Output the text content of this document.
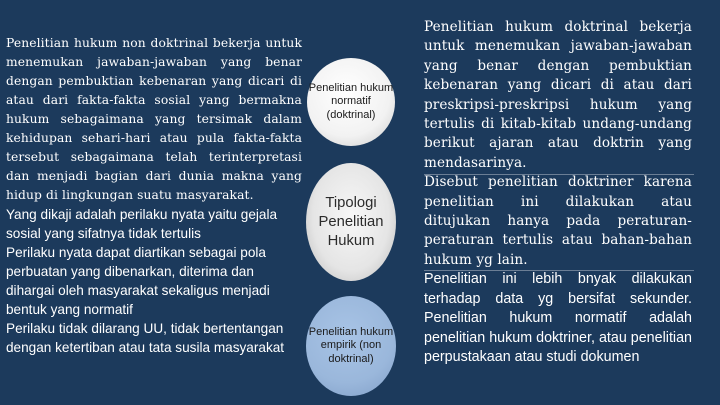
Penelitian hukum non doktrinal bekerja untuk menemukan jawaban-jawaban yang benar dengan pembuktian kebenaran yang dicari di atau dari fakta-fakta sosial yang bermakna hukum sebagaimana yang tersimak dalam kehidupan sehari-hari atau pula fakta-fakta tersebut sebagaimana telah terinterpretasi dan menjadi bagian dari dunia makna yang hidup di lingkungan suatu masyarakat.

Yang dikaji adalah perilaku nyata yaitu gejala sosial yang sifatnya tidak tertulis

Perilaku nyata dapat diartikan sebagai pola perbuatan yang dibenarkan, diterima dan dihargai oleh masyarakat sekaligus menjadi bentuk yang normatif

Perilaku tidak dilarang UU, tidak bertentangan dengan ketertiban atau tata susila masyarakat

Penelitian hukum normatif (doktrinal)
Tipologi Penelitian Hukum
Penelitian hukum empirik (non doktrinal)

Penelitian hukum doktrinal bekerja untuk menemukan jawaban-jawaban yang benar dengan pembuktian kebenaran yang dicari di atau dari preskripsi-preskripsi hukum yang tertulis di kitab-kitab undang-undang berikut ajaran atau doktrin yang mendasarinya.

Disebut penelitian doktriner karena penelitian ini dilakukan atau ditujukan hanya pada peraturan-peraturan tertulis atau bahan-bahan hukum yg lain.

Penelitian ini lebih bnyak dilakukan terhadap data yg bersifat sekunder. Penelitian hukum normatif adalah penelitian hukum doktriner, atau penelitian perpustakaan atau studi dokumen
